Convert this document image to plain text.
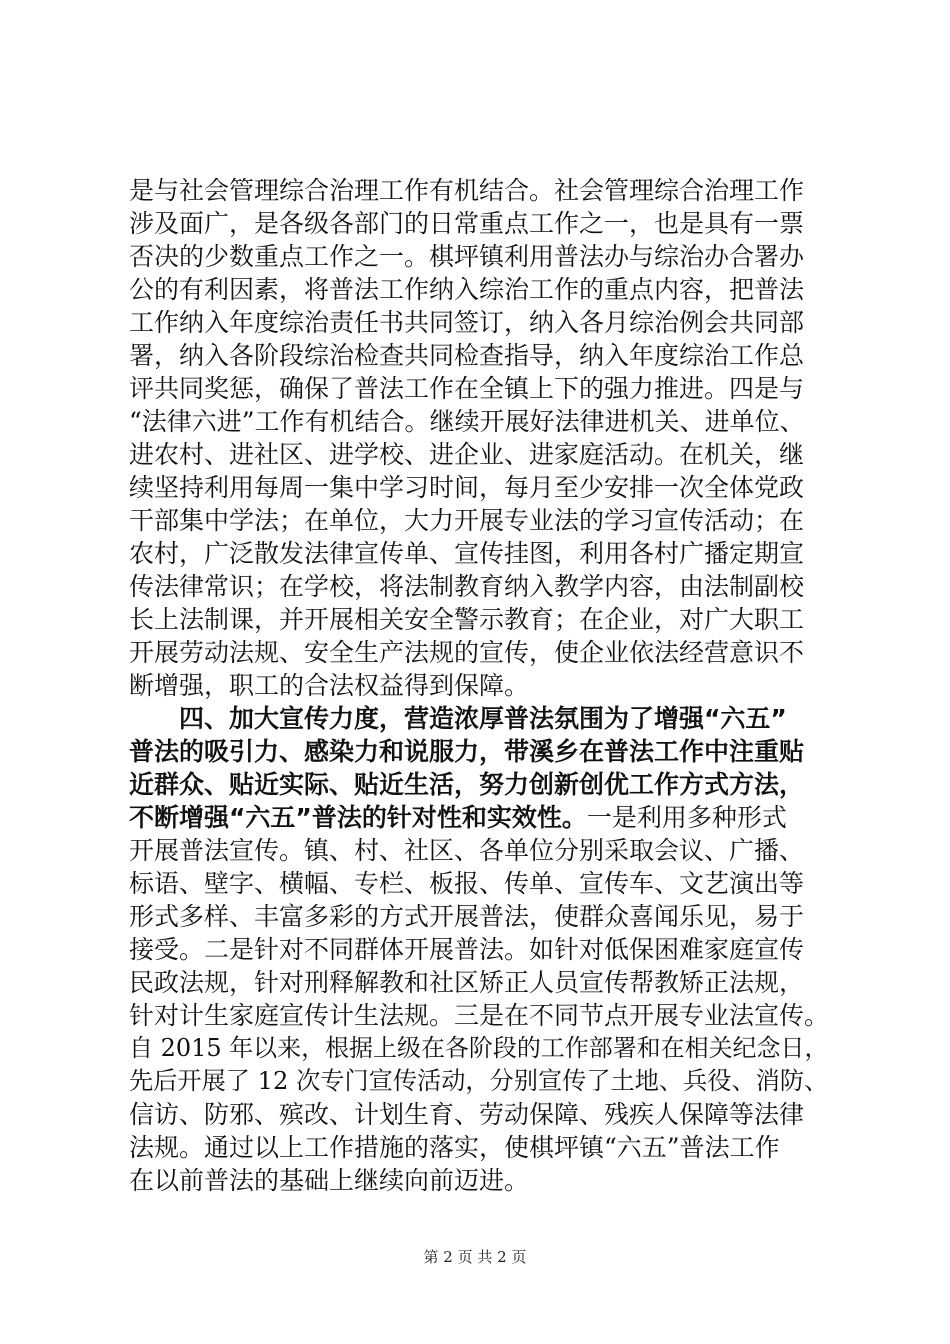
是与社会管理综合治理工作有机结合。社会管理综合治理工作
涉及面广，是各级各部门的日常重点工作之一，也是具有一票
否决的少数重点工作之一。棋坪镇利用普法办与综治办合署办
公的有利因素，将普法工作纳入综治工作的重点内容，把普法
工作纳入年度综治责任书共同签订，纳入各月综治例会共同部
署，纳入各阶段综治检查共同检查指导，纳入年度综治工作总
评共同奖惩，确保了普法工作在全镇上下的强力推进。四是与
“法律六进”工作有机结合。继续开展好法律进机关、进单位、
进农村、进社区、进学校、进企业、进家庭活动。在机关，继
续坚持利用每周一集中学习时间，每月至少安排一次全体党政
干部集中学法；在单位，大力开展专业法的学习宣传活动；在
农村，广泛散发法律宣传单、宣传挂图，利用各村广播定期宣
传法律常识；在学校，将法制教育纳入教学内容，由法制副校
长上法制课，并开展相关安全警示教育；在企业，对广大职工
开展劳动法规、安全生产法规的宣传，使企业依法经营意识不
断增强，职工的合法权益得到保障。
　　四、加大宣传力度，营造浓厚普法氛围为了增强“六五”
普法的吸引力、感染力和说服力，带溪乡在普法工作中注重贴
近群众、贴近实际、贴近生活，努力创新创优工作方式方法，
不断增强“六五”普法的针对性和实效性。一是利用多种形式
开展普法宣传。镇、村、社区、各单位分别采取会议、广播、
标语、壁字、横幅、专栏、板报、传单、宣传车、文艺演出等
形式多样、丰富多彩的方式开展普法，使群众喜闻乐见，易于
接受。二是针对不同群体开展普法。如针对低保困难家庭宣传
民政法规，针对刑释解教和社区矫正人员宣传帮教矫正法规，
针对计生家庭宣传计生法规。三是在不同节点开展专业法宣传。
自 2015 年以来，根据上级在各阶段的工作部署和在相关纪念日，
先后开展了 12 次专门宣传活动，分别宣传了土地、兵役、消防、
信访、防邪、殡改、计划生育、劳动保障、残疾人保障等法律
法规。通过以上工作措施的落实，使棋坪镇“六五”普法工作
在以前普法的基础上继续向前迈进。
第 2 页 共 2 页
